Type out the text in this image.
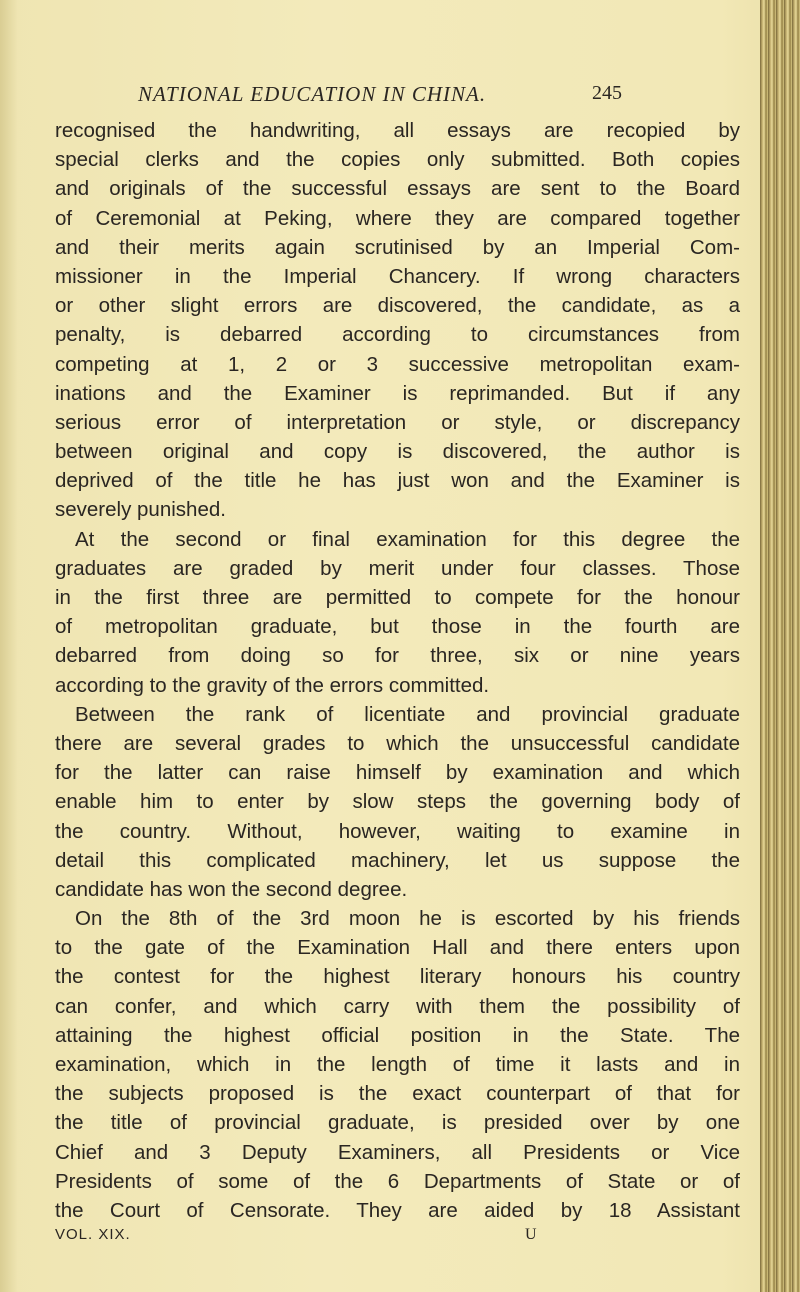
NATIONAL EDUCATION IN CHINA.	245
recognised the handwriting, all essays are recopied by
special clerks and the copies only submitted. Both copies
and originals of the successful essays are sent to the Board
of Ceremonial at Peking, where they are compared together
and their merits again scrutinised by an Imperial Com-
missioner in the Imperial Chancery. If wrong characters
or other slight errors are discovered, the candidate, as a
penalty, is debarred according to circumstances from
competing at 1, 2 or 3 successive metropolitan exam-
inations and the Examiner is reprimanded. But if any
serious error of interpretation or style, or discrepancy
between original and copy is discovered, the author is
deprived of the title he has just won and the Examiner is
severely punished.
At the second or final examination for this degree the
graduates are graded by merit under four classes. Those
in the first three are permitted to compete for the honour
of metropolitan graduate, but those in the fourth are
debarred from doing so for three, six or nine years
according to the gravity of the errors committed.
Between the rank of licentiate and provincial graduate
there are several grades to which the unsuccessful candidate
for the latter can raise himself by examination and which
enable him to enter by slow steps the governing body of
the country. Without, however, waiting to examine in
detail this complicated machinery, let us suppose the
candidate has won the second degree.
On the 8th of the 3rd moon he is escorted by his friends
to the gate of the Examination Hall and there enters upon
the contest for the highest literary honours his country
can confer, and which carry with them the possibility of
attaining the highest official position in the State. The
examination, which in the length of time it lasts and in
the subjects proposed is the exact counterpart of that for
the title of provincial graduate, is presided over by one
Chief and 3 Deputy Examiners, all Presidents or Vice
Presidents of some of the 6 Departments of State or of
the Court of Censorate. They are aided by 18 Assistant
VOL. XIX.	U
